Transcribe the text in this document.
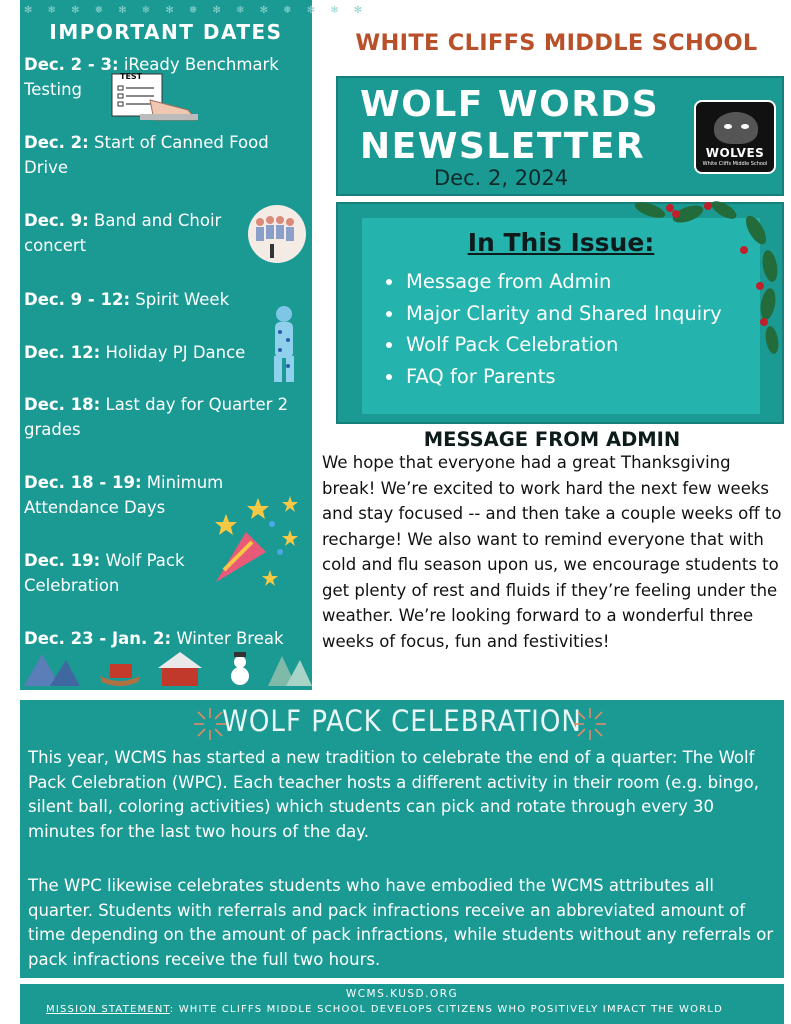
✻ ❄ ✻ ❅ ✻ ❄ ✻ ❅ ✻ ❄ ✻ ❅ ✻ ❄ ✻
IMPORTANT DATES
Dec. 2 - 3: iReady Benchmark Testing
Dec. 2: Start of Canned Food Drive
Dec. 9: Band and Choir concert
Dec. 9 - 12: Spirit Week
Dec. 12: Holiday PJ Dance
Dec. 18: Last day for Quarter 2 grades
Dec. 18 - 19: Minimum Attendance Days
Dec. 19: Wolf Pack Celebration
Dec. 23 - Jan. 2: Winter Break
TEST
WHITE CLIFFS MIDDLE SCHOOL
WOLF WORDS
NEWSLETTER
Dec. 2, 2024
WOLVES
White Cliffs Middle School
In This Issue:
Message from Admin
Major Clarity and Shared Inquiry
Wolf Pack Celebration
FAQ for Parents
MESSAGE FROM ADMIN
We hope that everyone had a great Thanksgiving break! We’re excited to work hard the next few weeks and stay focused -- and then take a couple weeks off to recharge! We also want to remind everyone that with cold and flu season upon us, we encourage students to get plenty of rest and fluids if they’re feeling under the weather. We’re looking forward to a wonderful three weeks of focus, fun and festivities!
WOLF PACK CELEBRATION
This year, WCMS has started a new tradition to celebrate the end of a quarter: The Wolf Pack Celebration (WPC). Each teacher hosts a different activity in their room (e.g. bingo, silent ball, coloring activities) which students can pick and rotate through every 30 minutes for the last two hours of the day.
The WPC likewise celebrates students who have embodied the WCMS attributes all quarter. Students with referrals and pack infractions receive an abbreviated amount of time depending on the amount of pack infractions, while students without any referrals or pack infractions receive the full two hours.
WCMS.KUSD.ORG
MISSION STATEMENT: WHITE CLIFFS MIDDLE SCHOOL DEVELOPS CITIZENS WHO POSITIVELY IMPACT THE WORLD
